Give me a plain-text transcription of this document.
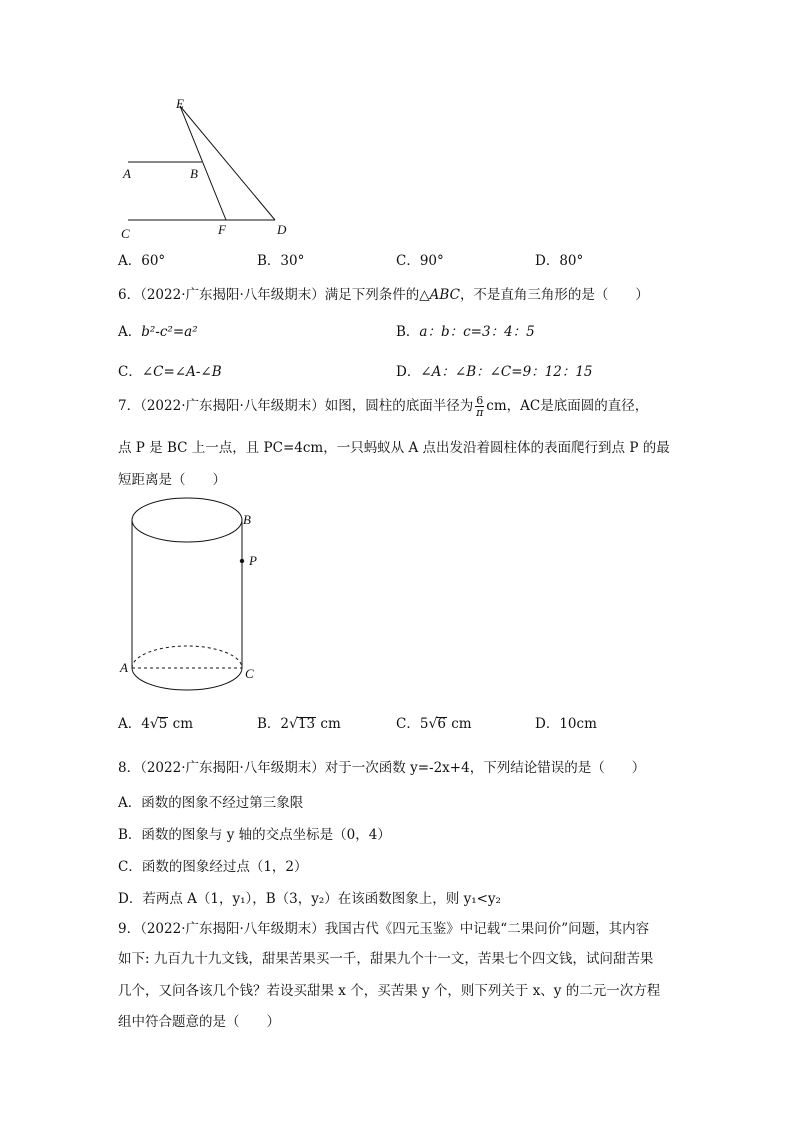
E
A	B
C	F	D
A．60°	B．30°	C．90°	D．80°
6．（2022·广东揭阳·八年级期末）满足下列条件的△ABC，不是直角三角形的是（　　）
A．b²-c²=a²	B．a：b：c=3：4：5
C．∠C=∠A-∠B	D．∠A：∠B：∠C=9：12：15
7．（2022·广东揭阳·八年级期末）如图，圆柱的底面半径为 $\frac{6}{\pi}$ cm，AC是底面圆的直径，
点 P 是 BC 上一点，且 PC=4cm，一只蚂蚁从 A 点出发沿着圆柱体的表面爬行到点 P 的最
短距离是（　　）
B
P
A	C
A．4√5 cm	B．2√13 cm	C．5√6 cm	D．10cm
8．（2022·广东揭阳·八年级期末）对于一次函数 y=-2x+4，下列结论错误的是（　　）
A．函数的图象不经过第三象限
B．函数的图象与 y 轴的交点坐标是（0，4）
C．函数的图象经过点（1，2）
D．若两点 A（1，y₁），B（3，y₂）在该函数图象上，则 y₁<y₂
9．（2022·广东揭阳·八年级期末）我国古代《四元玉鉴》中记载“二果问价”问题，其内容
如下: 九百九十九文钱，甜果苦果买一千，甜果九个十一文，苦果七个四文钱，试问甜苦果
几个，又问各该几个钱？若设买甜果 x 个，买苦果 y 个，则下列关于 x、y 的二元一次方程
组中符合题意的是（　　）
